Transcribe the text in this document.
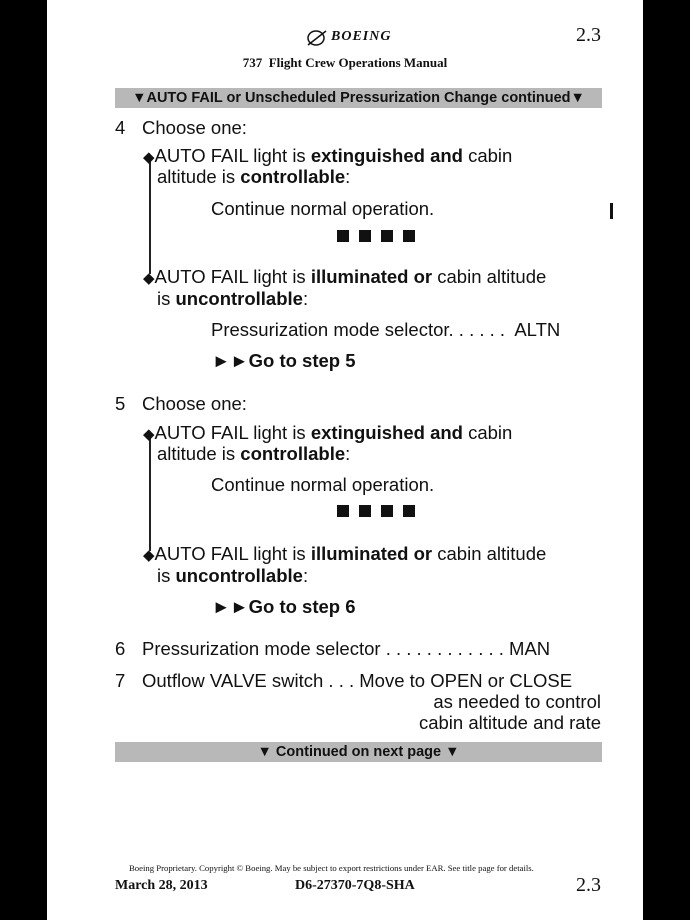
BOEING	2.3
737  Flight Crew Operations Manual
▼AUTO FAIL or Unscheduled Pressurization Change continued▼
4 Choose one:
◆AUTO FAIL light is extinguished and cabin
altitude is controllable:
Continue normal operation.
◆AUTO FAIL light is illuminated or cabin altitude
is uncontrollable:
Pressurization mode selector. . . . . .  ALTN
►►Go to step 5
5 Choose one:
◆AUTO FAIL light is extinguished and cabin
altitude is controllable:
Continue normal operation.
◆AUTO FAIL light is illuminated or cabin altitude
is uncontrollable:
►►Go to step 6
6 Pressurization mode selector . . . . . . . . . . . . MAN
7 Outflow VALVE switch . . . Move to OPEN or CLOSE
as needed to control
cabin altitude and rate
▼ Continued on next page ▼
Boeing Proprietary. Copyright © Boeing. May be subject to export restrictions under EAR. See title page for details.
March 28, 2013	D6-27370-7Q8-SHA	2.3
